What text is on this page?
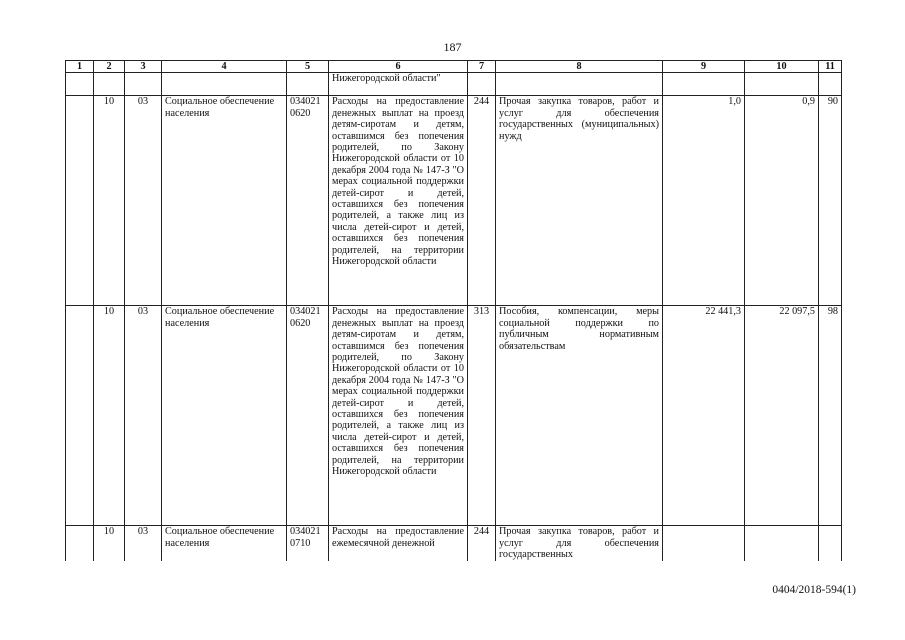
187
1	2	3	4	5	6	7	8	9	10	11
					Нижегородской области"					
	10	03	Социальное обеспечение населения	034021 0620	Расходы на предоставление денежных выплат на проезд детям-сиротам и детям, оставшимся без попечения родителей, по Закону Нижегородской области от 10 декабря 2004 года № 147-З "О мерах социальной поддержки детей-сирот и детей, оставшихся без попечения родителей, а также лиц из числа детей-сирот и детей, оставшихся без попечения родителей, на территории Нижегородской области	244	Прочая закупка товаров, работ и услуг для обеспечения государственных (муниципальных) нужд	1,0	0,9	90
	10	03	Социальное обеспечение населения	034021 0620	Расходы на предоставление денежных выплат на проезд детям-сиротам и детям, оставшимся без попечения родителей, по Закону Нижегородской области от 10 декабря 2004 года № 147-З "О мерах социальной поддержки детей-сирот и детей, оставшихся без попечения родителей, а также лиц из числа детей-сирот и детей, оставшихся без попечения родителей, на территории Нижегородской области	313	Пособия, компенсации, меры социальной поддержки по публичным нормативным обязательствам	22 441,3	22 097,5	98
	10	03	Социальное обеспечение населения	034021 0710	Расходы на предоставление ежемесячной денежной	244	Прочая закупка товаров, работ и услуг для обеспечения государственных			
0404/2018-594(1)
